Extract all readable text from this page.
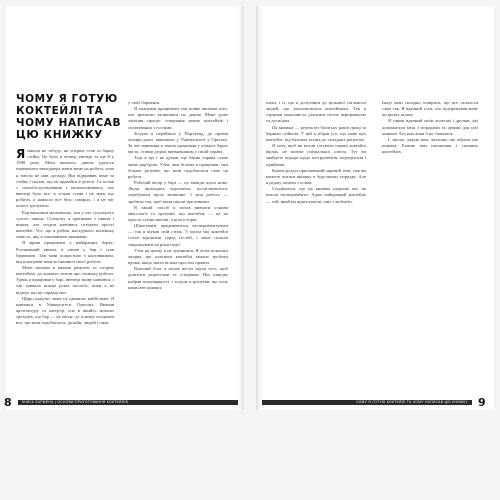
ЧОМУ Я ГОТУЮ КОКТЕЙЛІ ТА ЧОМУ НАПИСАВ ЦЮ КНИЖКУ

Яніколи не забуду, як уперше став за барну стійку. Це було в четвер увечері та ще й у 1998 році. Мені якимось дивом удалося переконати менеджера взяти мене на роботу, хоча я зовсім не мав досвіду. Він відправив мене за стійку і сказав, що не вдавайся в деталі. І я почав з самообслуговування і налаштовувався, але ввечері було все, я тільки стояв і не знав, що робити, а навколо все було гамірно, і я не міг нічого зрозуміти.

Бар вважався маленьким, тож у час суцільного сухого закону. Спочатку я працював з пивом і вином, але згодом навчився готувати прості коктейлі. Усе, що я робив, нагадувало маленьку ємкість, яку я заповнював знаннями.

Я мріяв працювати у найкращих барах. Розлиманий вином, я пішов у бар і став барменом. Там мені пощастило з наставником, він показував мені всі нюанси своєї роботи.

Мене ночами я вивчав рецепти та історію коктейлів, до кожного питав про тонкощі роботи. Удень я працював у барі, ввечері знову навчався, і так тривало кілька років поспіль, поки я не відчув, що це справді моє.

Щиро кажучи, мене це цікавило найбільше. Я навчався в Університеті Орегону. Вивчав архітектуру та інтер'єр, але в якийсь момент зрозумів, що бар — це місце, де я можу поєднати все, що мені подобається: дизайн, людей і смак.

у світі барменів.

Я планував працювати там повне шкільне літо, але зрештою залишився на довше. Мене дуже захопив процес створення нових коктейлів і спілкування з гостями.

Згодом я перейшов у Портленд, де провів чотири роки, вивчаючи у Університеті у Орегоні. За час навчання я також працював у кількох барах міста, ставав дедалі впевненішим у своїй справі.

Тоді я ще і не думав, що барна справа стане моєю кар'єрою. Утім, чим більше я працював, тим більше розумів, що мені подобається саме ця робота.

Робочий вечір у барі — це завжди щось нове. Люди приходять відпочити, поспілкуватися, спробувати щось незвичне. І моя робота — зробити так, щоб вони пішли щасливими.

В такий спосіб я почав вивчати основи міксології та зрозумів, що коктейль — це не просто суміш напоїв, а ціла історія.

Шпигувати, придивлятися, експериментувати — так я шукав свій стиль. З часом мої коктейлі стали відомими серед гостей, і мене почали запрошувати на різні події.

Утім на цьому я не зупинився. Я хотів показати людям, що класичні коктейлі можна зробити вдома, якщо знати кілька простих правил.

Власний блог я почав вести задля того, щоб ділитися рецептами та історіями. Він швидко набрав популярності, і згодом я зрозумів, що хочу написати книжку.

пили, і ті, що я долучився до цільової спільноти людей, що захоплюються коктейлями. Так я отримав можливість ділитися своєю інформацією та досвідом.

Ця книжка — результат багатьох років праці за барною стійкою. У ній я зібрав усе, що знаю про коктейлі: від базових технік до складних рецептів.

Я хочу, щоб ви могли готувати смачні коктейлі вдома, не маючи спеціальної освіти. Тут ви знайдете поради щодо інструментів, інгредієнтів і прийомів.

Кожен розділ присвячений окремій темі, тож ви можете читати книжку в будь-якому порядку. Але я раджу почати з основ.

Сподіваюся, що ця книжка надихне вас на власні експерименти. Адже найкращий коктейль — той, який ви приготували самі з любов'ю.

Іноді мені складно повірити, що все склалося саме так. Я вдячний усім, хто підтримував мене на цьому шляху.

Я також вдячний моїм колегам і друзям, які допомагали мені з порадами та ідеями для цієї книжки. Без них вона б не з'явилася.

І, звісно, дякую вам, читачам, що обрали цю книжку. Бажаю вам натхнення і смачних коктейлів.

КНИГА БАРМЕНА | ОСНОВИ ПРИГОТУВАННЯ КОКТЕЙЛІВ
8	ЧОМУ Я ГОТУЮ КОКТЕЙЛІ ТА ЧОМУ НАПИСАВ ЦЮ КНИЖКУ 9
